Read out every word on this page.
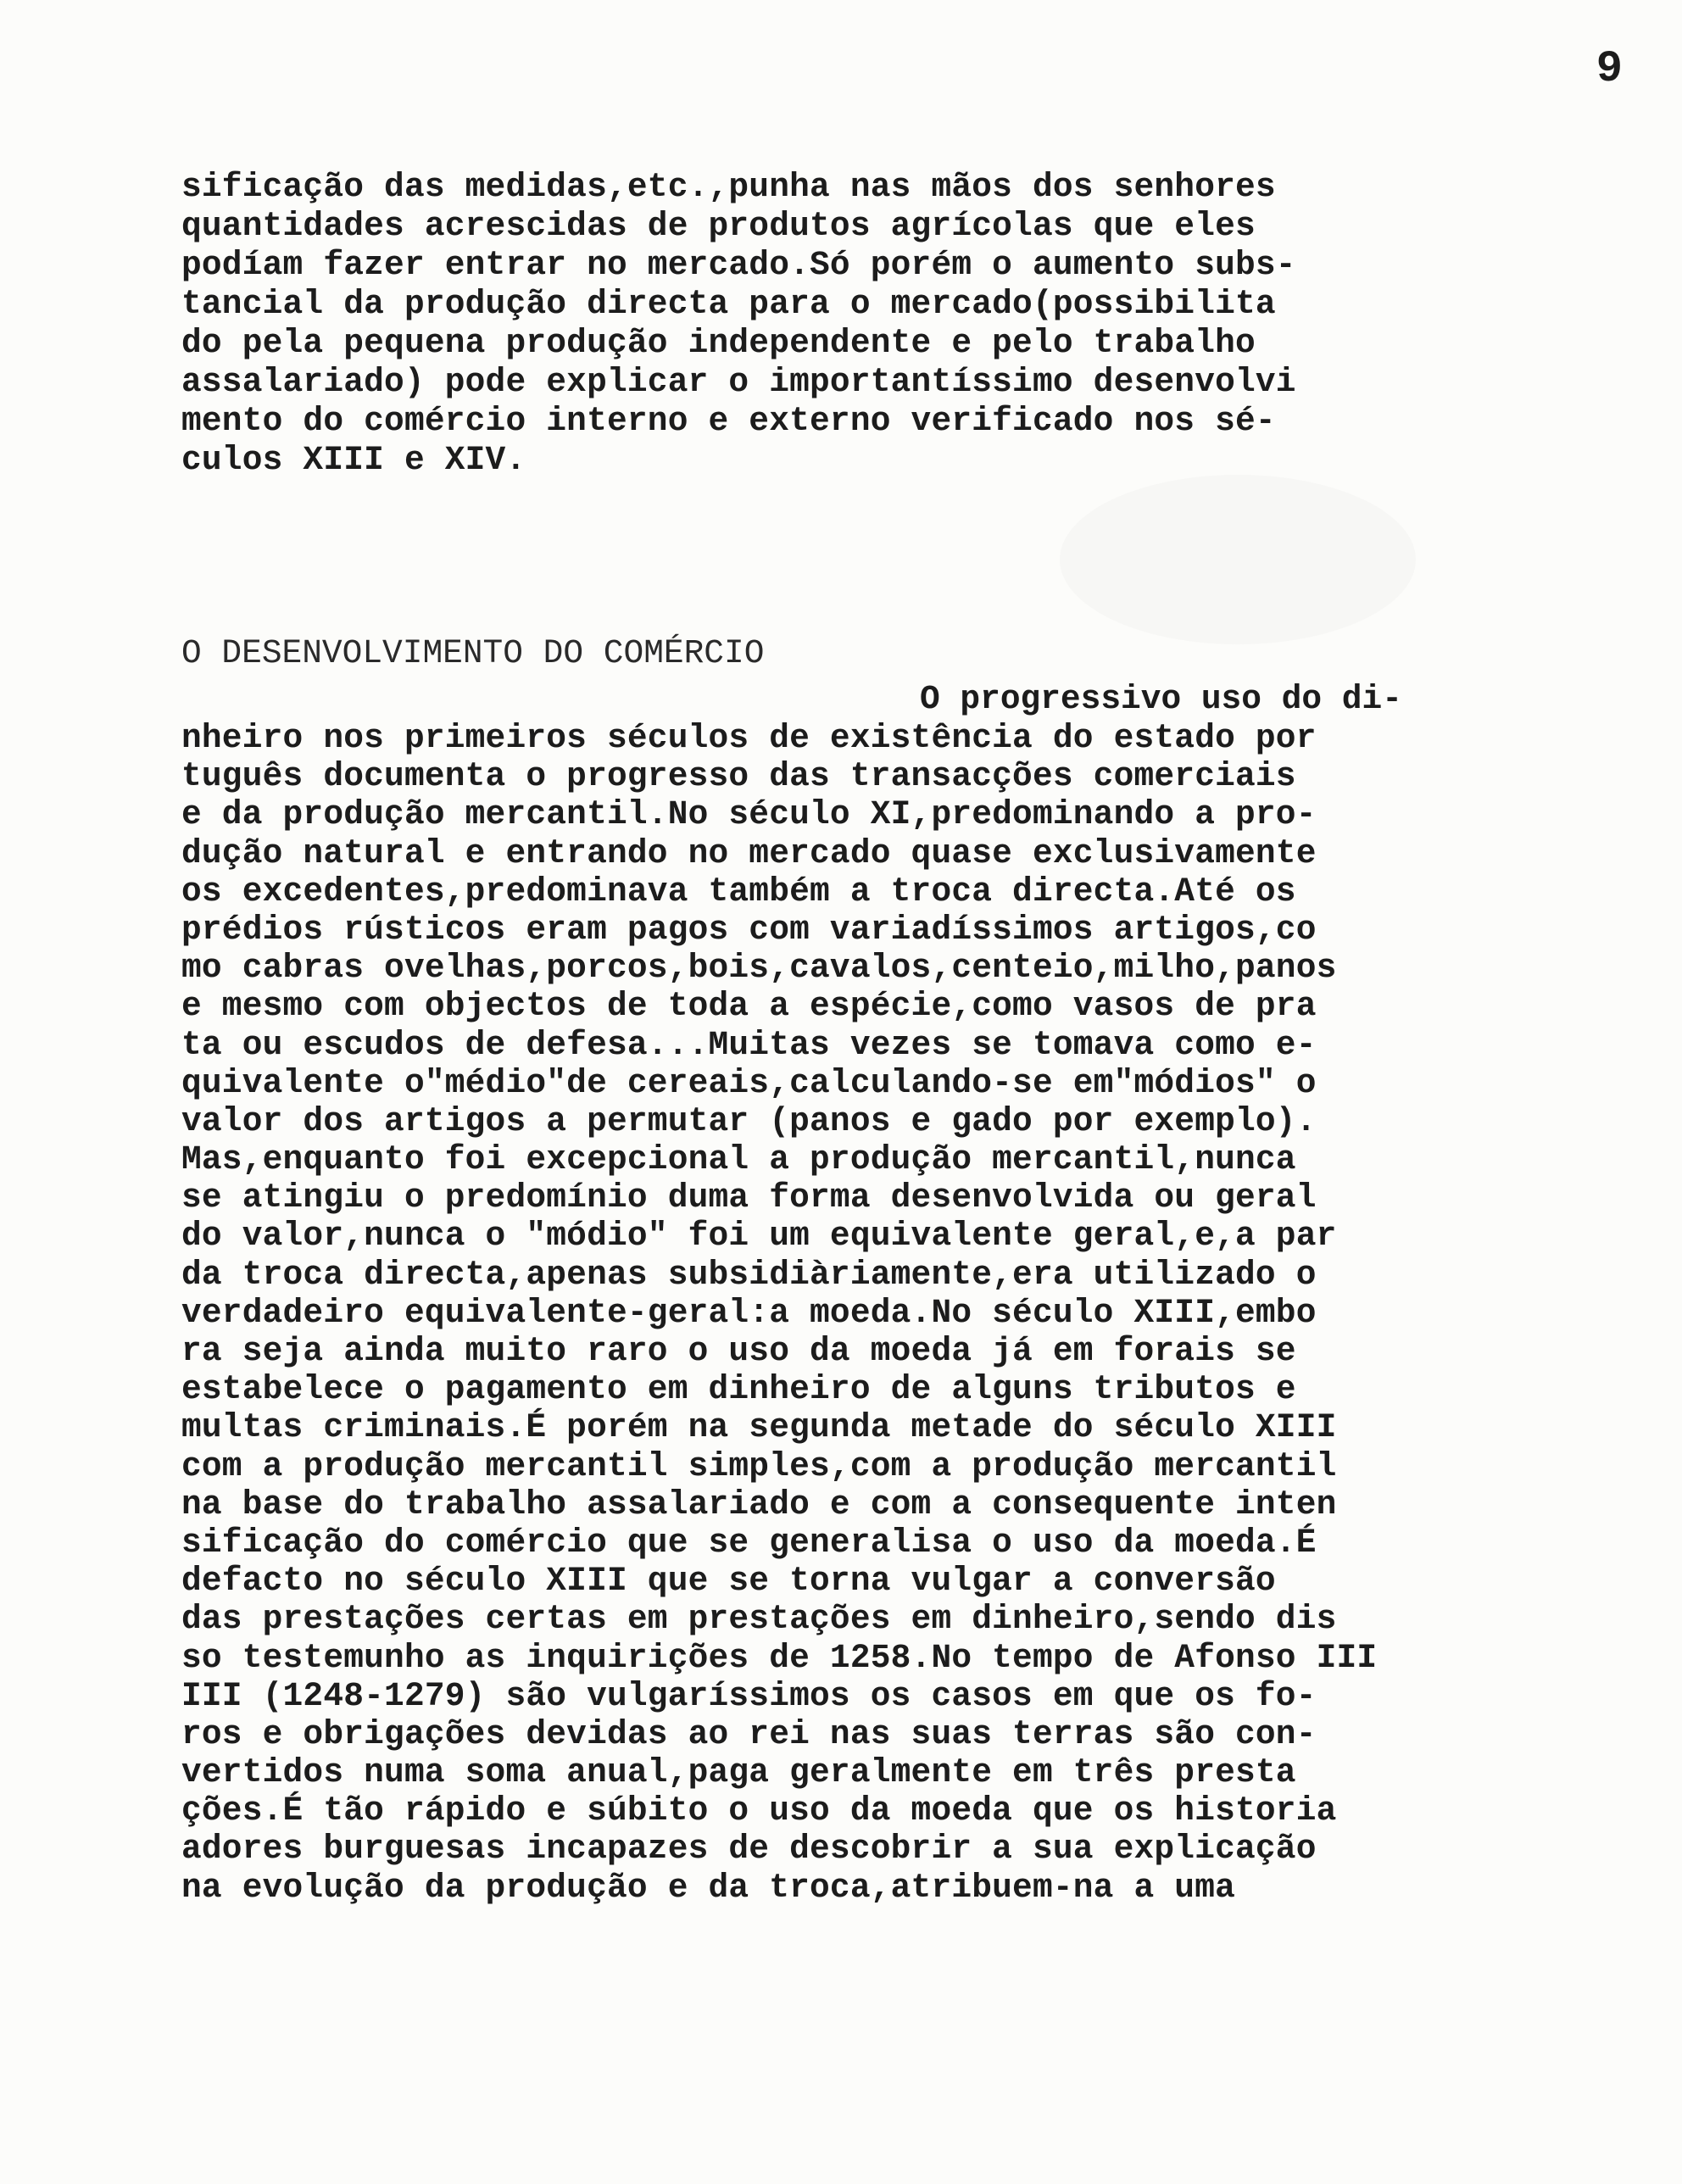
9

sificação das medidas,etc.,punha nas mãos dos senhores
quantidades acrescidas de produtos agrícolas que eles
podíam fazer entrar no mercado.Só porém o aumento subs-
tancial da produção directa para o mercado(possibilita
do pela pequena produção independente e pelo trabalho
assalariado) pode explicar o importantíssimo desenvolvi
mento do comércio interno e externo verificado nos sé-
culos XIII e XIV.

O DESENVOLVIMENTO DO COMÉRCIO

O progressivo uso do di-

nheiro nos primeiros séculos de existência do estado por
tuguês documenta o progresso das transacções comerciais
e da produção mercantil.No século XI,predominando a pro-
dução natural e entrando no mercado quase exclusivamente
os excedentes,predominava também a troca directa.Até os
prédios rústicos eram pagos com variadíssimos artigos,co
mo cabras ovelhas,porcos,bois,cavalos,centeio,milho,panos
e mesmo com objectos de toda a espécie,como vasos de pra
ta ou escudos de defesa...Muitas vezes se tomava como e-
quivalente o"médio"de cereais,calculando-se em"módios" o
valor dos artigos a permutar (panos e gado por exemplo).
Mas,enquanto foi excepcional a produção mercantil,nunca
se atingiu o predomínio duma forma desenvolvida ou geral
do valor,nunca o "módio" foi um equivalente geral,e,a par
da troca directa,apenas subsidiàriamente,era utilizado o
verdadeiro equivalente-geral:a moeda.No século XIII,embo
ra seja ainda muito raro o uso da moeda já em forais se
estabelece o pagamento em dinheiro de alguns tributos e
multas criminais.É porém na segunda metade do século XIII
com a produção mercantil simples,com a produção mercantil
na base do trabalho assalariado e com a consequente inten
sificação do comércio que se generalisa o uso da moeda.É
defacto no século XIII que se torna vulgar a conversão
das prestações certas em prestações em dinheiro,sendo dis
so testemunho as inquirições de 1258.No tempo de Afonso III
III (1248-1279) são vulgaríssimos os casos em que os fo-
ros e obrigações devidas ao rei nas suas terras são con-
vertidos numa soma anual,paga geralmente em três presta
ções.É tão rápido e súbito o uso da moeda que os historia
adores burguesas incapazes de descobrir a sua explicação
na evolução da produção e da troca,atribuem-na a uma
